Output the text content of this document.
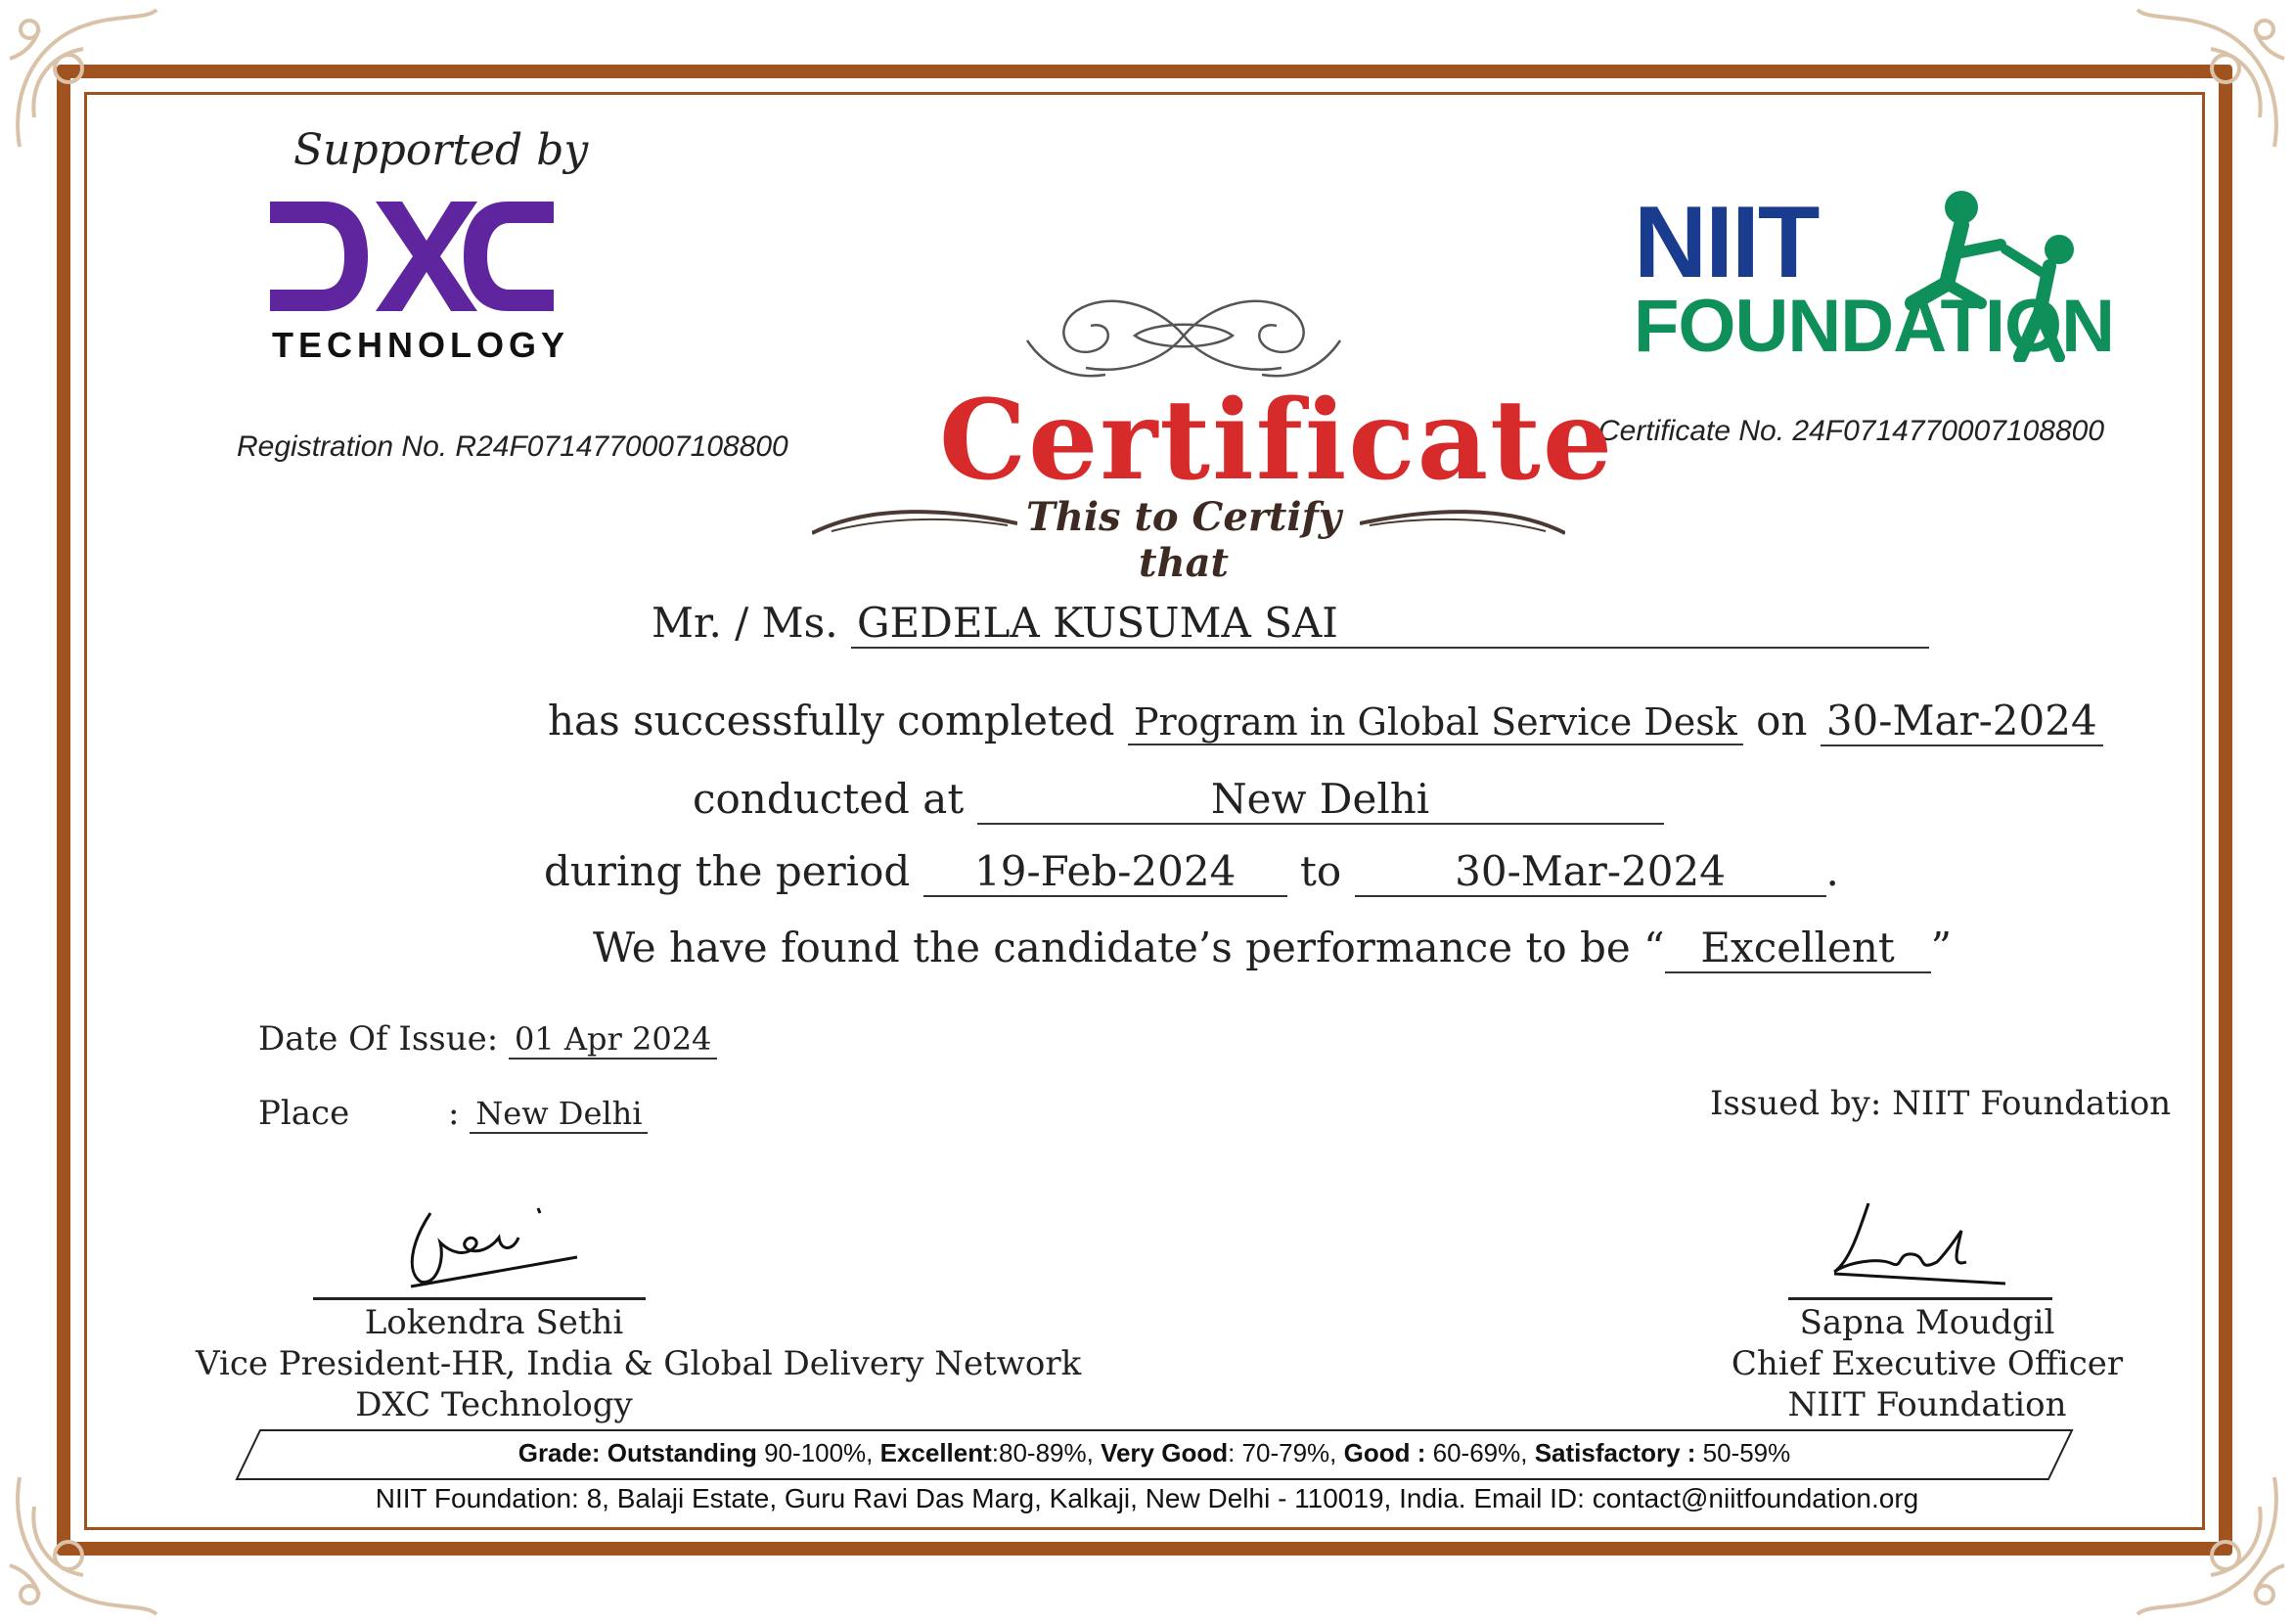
Supported by
TECHNOLOGY
Registration No. R24F0714770007108800
NIIT
FOUNDATION
Certificate No. 24F0714770007108800
Certificate
This to Certify that
Mr. / Ms. GEDELA KUSUMA SAI
has successfully completed Program in Global Service Desk on 30-Mar-2024
conducted at	New Delhi
during the period 19-Feb-2024 to	30-Mar-2024 .
We have found the candidate’s performance to be “ Excellent ”
Date Of Issue: 01 Apr 2024
Place	: New Delhi	Issued by: NIIT Foundation
Lokendra Sethi
Vice President-HR, India & Global Delivery Network
DXC Technology
Sapna Moudgil
Chief Executive Officer
NIIT Foundation
Grade: Outstanding 90-100%, Excellent:80-89%, Very Good: 70-79%, Good : 60-69%, Satisfactory : 50-59%
NIIT Foundation: 8, Balaji Estate, Guru Ravi Das Marg, Kalkaji, New Delhi - 110019, India. Email ID: contact@niitfoundation.org
